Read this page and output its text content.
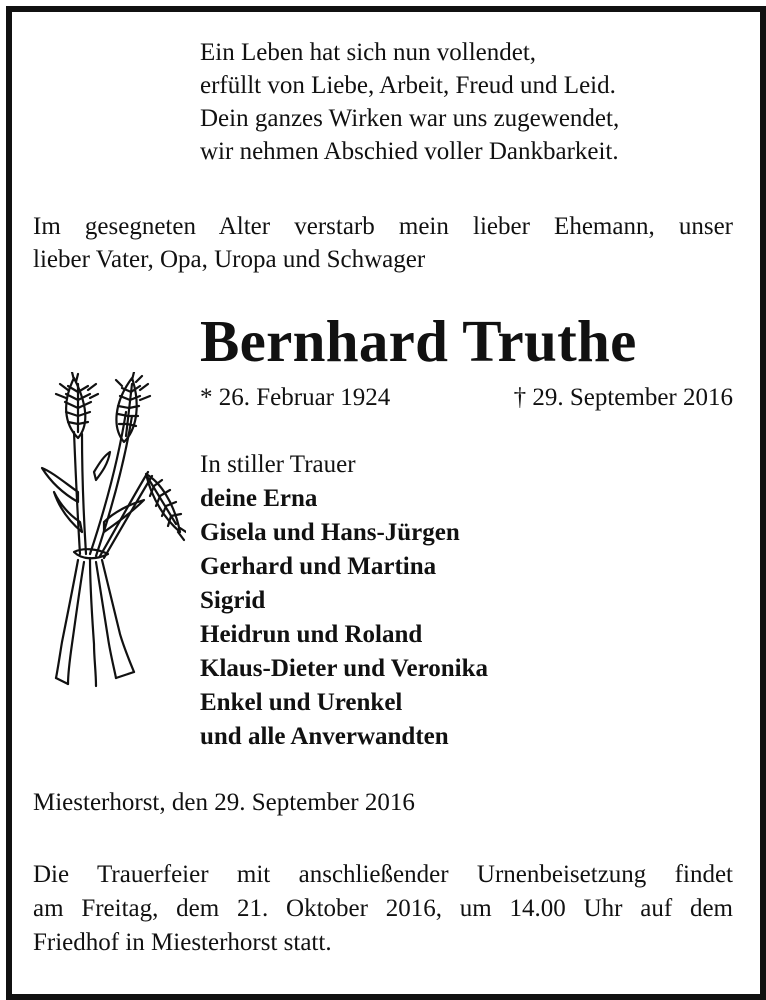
Ein Leben hat sich nun vollendet,
erfüllt von Liebe, Arbeit, Freud und Leid.
Dein ganzes Wirken war uns zugewendet,
wir nehmen Abschied voller Dankbarkeit.
Im gesegneten Alter verstarb mein lieber Ehemann, unser
lieber Vater, Opa, Uropa und Schwager
Bernhard Truthe
* 26. Februar 1924	† 29. September 2016
In stiller Trauer
deine Erna
Gisela und Hans-Jürgen
Gerhard und Martina
Sigrid
Heidrun und Roland
Klaus-Dieter und Veronika
Enkel und Urenkel
und alle Anverwandten
Miesterhorst, den 29. September 2016
Die Trauerfeier mit anschließender Urnenbeisetzung findet
am Freitag, dem 21. Oktober 2016, um 14.00 Uhr auf dem
Friedhof in Miesterhorst statt.
